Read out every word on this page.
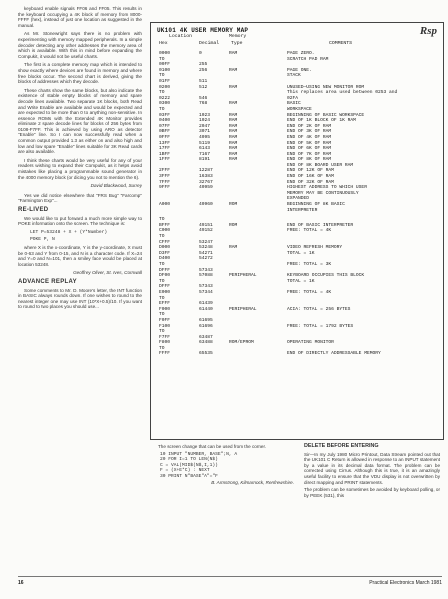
keyboard enable signals FF06 and FF05. This results in the keyboard occupying a 4K block of memory from 8000-FFFF (hex), instead of just one location as suggested in the manual.

As Mr. Stonewright says there is no problem with experimenting with memory mapped peripherals. In a simple decoder detecting any other addresses the memory area of which is available. With this in mind before expanding the Compukit, it would not be useful charts.

The first is a complete memory map which is intended to show exactly where devices are found in memory and where free blocks occur. The second chart is derived, giving the blocks of addresses which they decode.

These charts show the same blocks, but also indicate the existence of stable empty blocks of memory and spare decode lines available. Two separate 1K blocks, both Read and Write Enable are available and would be expected and are expected to be more than 0 to anything non-sensitive. In essence ROMs with the Extended 4K Monitor provides eliminate 2 spare decode lines for blocks of 256 bytes from 0108-F7FF. This is achieved by using ARO as detector "Enable" line. So I can now successfully read when a common output provided 1.3 as either on and also high and low and low spare "Enable" lines suitable for 3K Read cards are also available.

I think these charts would be very useful for any of your readers wishing to expand their Compukit, as it helps avoid mistakes like placing a programmable sound generator in the 4000 memory block (or dicing you not to mention the 6).

David Blackwood, Surrey

Yes we did notice elsewhere that "FRS Bug" "Farcomp" "Farmington Exp"...

RE-LIVED

We would like to put forward a much more simple way to POKE information onto the screen. The technique is:

LET P=53248 + X + (Y*Number)

POKE P, N

where X is the x-coordinate, Y is the y-coordinate, X must be 0-63 and Y from 0-15, and N is a character code. If X=24 and Y=0 and N=101, then a smiley face would be placed at location 53248.

Geoffrey Oliver, St. Ives, Cornwall

ADVANCE REPLAY

Some comments to Mr. D. Moore's letter, the INT function in BASIC always rounds down. If one wishes to round to the nearest integer one may use INT (10*X+0.5)/10. If you want to round to two places you should use...

UK101 4K USER MEMORY MAP	Rsp
Location	Memory
Hex	Decimal Type	COMMENTS
0000	0	RAM	PAGE ZERO.
TO	SCRATCH PAD RAM
00FF	255
0100	256	RAM	PAGE ONE.
TO	STACK
01FF	511
0200	512	RAM	UNUSED—USING NEW MONITOR ROM
TO	This replaces area used between 0253 and
0222	546	02FA
0300	768	RAM	BASIC
TO	WORKSPACE
03FF	1023	RAM	BEGINNING OF BASIC WORKSPACE
0400	1024	RAM	END OF 1K BLOCK OF 1K RAM
07FF	2047	RAM	END OF 2K OF RAM
0BFF	3071	RAM	END OF 3K OF RAM
0FFF	4095	RAM	END OF 4K OF RAM
13FF	5119	RAM	END OF 5K OF RAM
17FF	6143	RAM	END OF 6K OF RAM
1BFF	7167	RAM	END OF 7K OF RAM
1FFF	8191	RAM	END OF 8K OF RAM
END OF 8K BOARD USER RAM
2FFF	12287	END OF 12K OF RAM
3FFF	16383	END OF 16K OF RAM
7FFF	32767	END OF 32K OF RAM
9FFF	40959	HIGHEST ADDRESS TO WHICH USER
MEMORY MAY BE CONTINUOUSLY
EXPANDED
A000	40960	ROM	BEGINNING OF 8K BASIC
INTERPRETER
TO
BFFF	49151	ROM	END OF BASIC INTERPRETER
C000	49152	FREE: TOTAL = 4K
TO
CFFF	53247
D000	53248	RAM	VIDEO REFRESH MEMORY
D3FF	54271	TOTAL = 1K
D400	54272
TO	FREE: TOTAL = 3K
DFFF	57343
DF00	57088	PERIPHERAL	KEYBOARD OCCUPIES THIS BLOCK
TO	TOTAL = 1K
DFFF	57343
E000	57344	FREE: TOTAL = 4K
TO
EFFF	61439
F000	61440	PERIPHERAL	ACIA: TOTAL = 256 BYTES
TO
F0FF	61695
F100	61696	FREE: TOTAL = 1792 BYTES
TO
F7FF	63487
F800	63488	ROM/EPROM	OPERATING MONITOR
TO
FFFF	65535	END OF DIRECTLY ADDRESSABLE MEMORY

The screen change that can be used from the corner.

10 INPUT "NUMBER, BASE";N, A

20 FOR I=1 TO LEN(N$)

C = VAL(MID$(N$,I,1))

F = (X+E*C) : NEXT

30 PRINT N"BASE"A"="F

B. Armstrong, Kilmarnock, Renfrewshire.

DELETE BEFORE ENTERING

Sir—In my July 1980 Micro Printout, Data Stream pointed out that the UK101 C Return is allowed in response to an INPUT statement by a value in its decimal data format. The problem can be corrected using Cirrus. Although this is true, it is an amazingly useful facility to ensure that the VDU display is not overwritten by direct mapping and PRINT statements.

The problem can be sometimes be avoided by keyboard polling, or by PEEK (531), this

16	Practical Electronics March 1981
